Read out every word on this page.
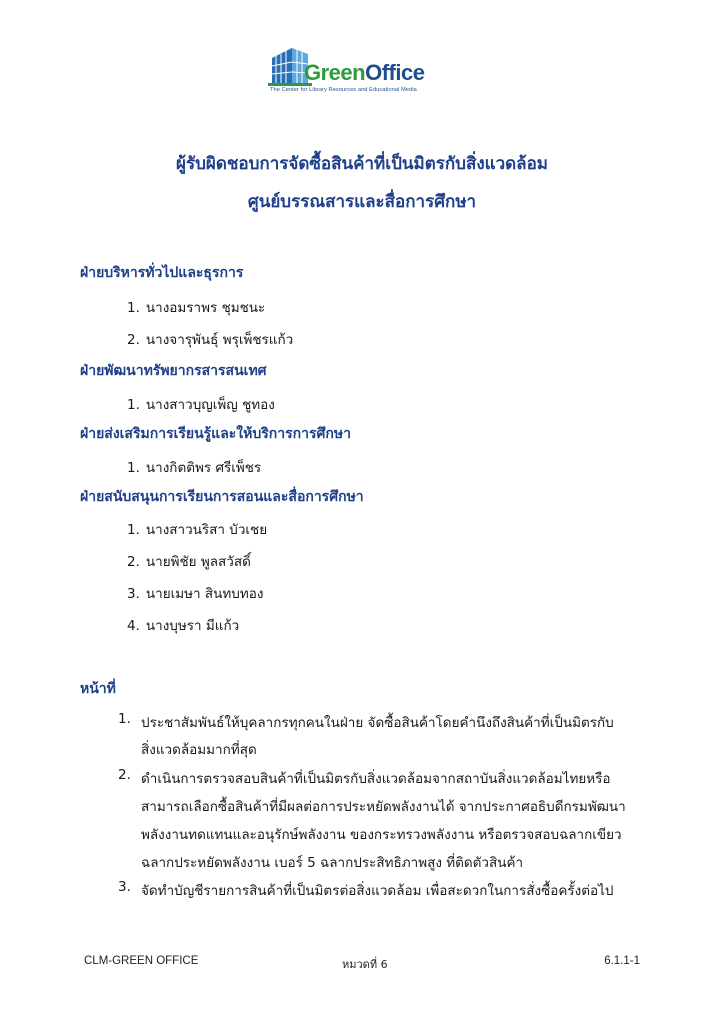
GreenOffice
The Center for Library Resources and Educational Media
ผู้รับผิดชอบการจัดซื้อสินค้าที่เป็นมิตรกับสิ่งแวดล้อม
ศูนย์บรรณสารและสื่อการศึกษา
ฝ่ายบริหารทั่วไปและธุรการ
1. นางอมราพร ชุมชนะ
2. นางจารุพันธุ์ พรุเพ็ชรแก้ว
ฝ่ายพัฒนาทรัพยากรสารสนเทศ
1. นางสาวบุญเพ็ญ ชูทอง
ฝ่ายส่งเสริมการเรียนรู้และให้บริการการศึกษา
1. นางกิตติพร ศรีเพ็ชร
ฝ่ายสนับสนุนการเรียนการสอนและสื่อการศึกษา
1. นางสาวนริสา บัวเชย
2. นายพิชัย พูลสวัสดิ์
3. นายเมษา สินทบทอง
4. นางบุษรา มีแก้ว
หน้าที่
1. ประชาสัมพันธ์ให้บุคลากรทุกคนในฝ่าย จัดซื้อสินค้าโดยคำนึงถึงสินค้าที่เป็นมิตรกับ
สิ่งแวดล้อมมากที่สุด
2. ดำเนินการตรวจสอบสินค้าที่เป็นมิตรกับสิ่งแวดล้อมจากสถาบันสิ่งแวดล้อมไทยหรือ
สามารถเลือกซื้อสินค้าที่มีผลต่อการประหยัดพลังงานได้ จากประกาศอธิบดีกรมพัฒนา
พลังงานทดแทนและอนุรักษ์พลังงาน ของกระทรวงพลังงาน หรือตรวจสอบฉลากเขียว
ฉลากประหยัดพลังงาน เบอร์ 5 ฉลากประสิทธิภาพสูง ที่ติดตัวสินค้า
3. จัดทำบัญชีรายการสินค้าที่เป็นมิตรต่อสิ่งแวดล้อม เพื่อสะดวกในการสั่งซื้อครั้งต่อไป
CLM-GREEN OFFICE	หมวดที่ 6	6.1.1-1
